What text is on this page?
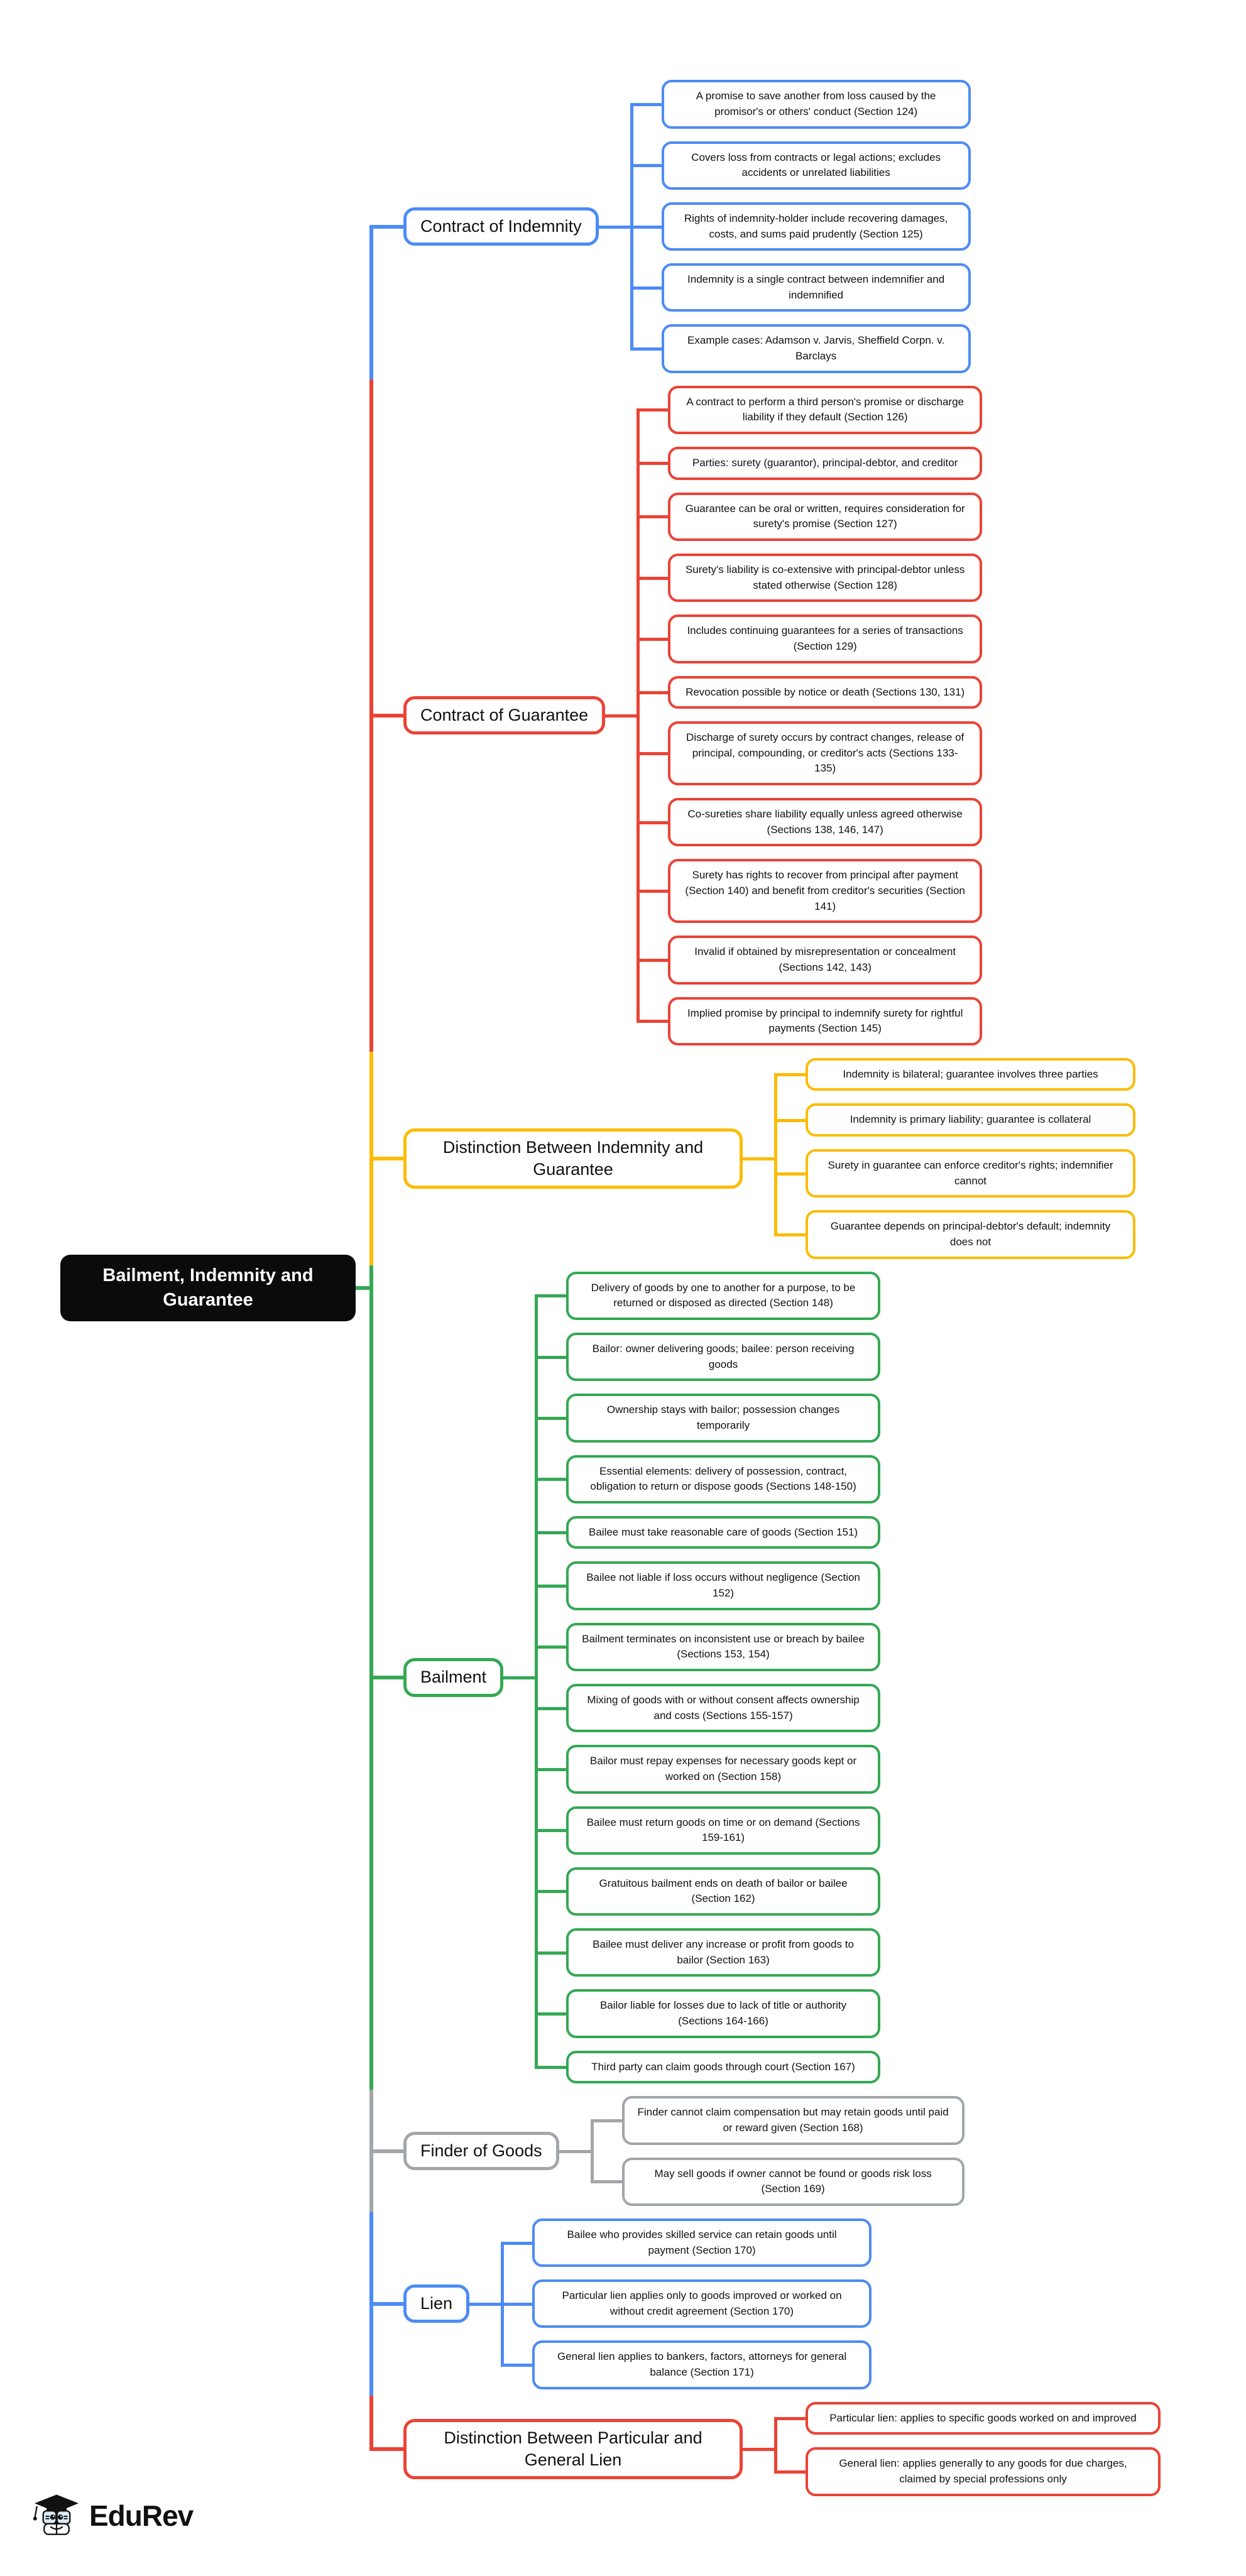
Bailment, Indemnity and Guarantee
Contract of Indemnity
A promise to save another from loss caused by the promisor's or others' conduct (Section 124)
Covers loss from contracts or legal actions; excludes accidents or unrelated liabilities
Rights of indemnity-holder include recovering damages, costs, and sums paid prudently (Section 125)
Indemnity is a single contract between indemnifier and indemnified
Example cases: Adamson v. Jarvis, Sheffield Corpn. v. Barclays
Contract of Guarantee
A contract to perform a third person's promise or discharge liability if they default (Section 126)
Parties: surety (guarantor), principal-debtor, and creditor
Guarantee can be oral or written, requires consideration for surety's promise (Section 127)
Surety's liability is co-extensive with principal-debtor unless stated otherwise (Section 128)
Includes continuing guarantees for a series of transactions (Section 129)
Revocation possible by notice or death (Sections 130, 131)
Discharge of surety occurs by contract changes, release of principal, compounding, or creditor's acts (Sections 133-135)
Co-sureties share liability equally unless agreed otherwise (Sections 138, 146, 147)
Surety has rights to recover from principal after payment (Section 140) and benefit from creditor's securities (Section 141)
Invalid if obtained by misrepresentation or concealment (Sections 142, 143)
Implied promise by principal to indemnify surety for rightful payments (Section 145)
Distinction Between Indemnity and Guarantee
Indemnity is bilateral; guarantee involves three parties
Indemnity is primary liability; guarantee is collateral
Surety in guarantee can enforce creditor's rights; indemnifier cannot
Guarantee depends on principal-debtor's default; indemnity does not
Bailment
Delivery of goods by one to another for a purpose, to be returned or disposed as directed (Section 148)
Bailor: owner delivering goods; bailee: person receiving goods
Ownership stays with bailor; possession changes temporarily
Essential elements: delivery of possession, contract, obligation to return or dispose goods (Sections 148-150)
Bailee must take reasonable care of goods (Section 151)
Bailee not liable if loss occurs without negligence (Section 152)
Bailment terminates on inconsistent use or breach by bailee (Sections 153, 154)
Mixing of goods with or without consent affects ownership and costs (Sections 155-157)
Bailor must repay expenses for necessary goods kept or worked on (Section 158)
Bailee must return goods on time or on demand (Sections 159-161)
Gratuitous bailment ends on death of bailor or bailee (Section 162)
Bailee must deliver any increase or profit from goods to bailor (Section 163)
Bailor liable for losses due to lack of title or authority (Sections 164-166)
Third party can claim goods through court (Section 167)
Finder of Goods
Finder cannot claim compensation but may retain goods until paid or reward given (Section 168)
May sell goods if owner cannot be found or goods risk loss (Section 169)
Lien
Bailee who provides skilled service can retain goods until payment (Section 170)
Particular lien applies only to goods improved or worked on without credit agreement (Section 170)
General lien applies to bankers, factors, attorneys for general balance (Section 171)
Distinction Between Particular and General Lien
Particular lien: applies to specific goods worked on and improved
General lien: applies generally to any goods for due charges, claimed by special professions only
EduRev
